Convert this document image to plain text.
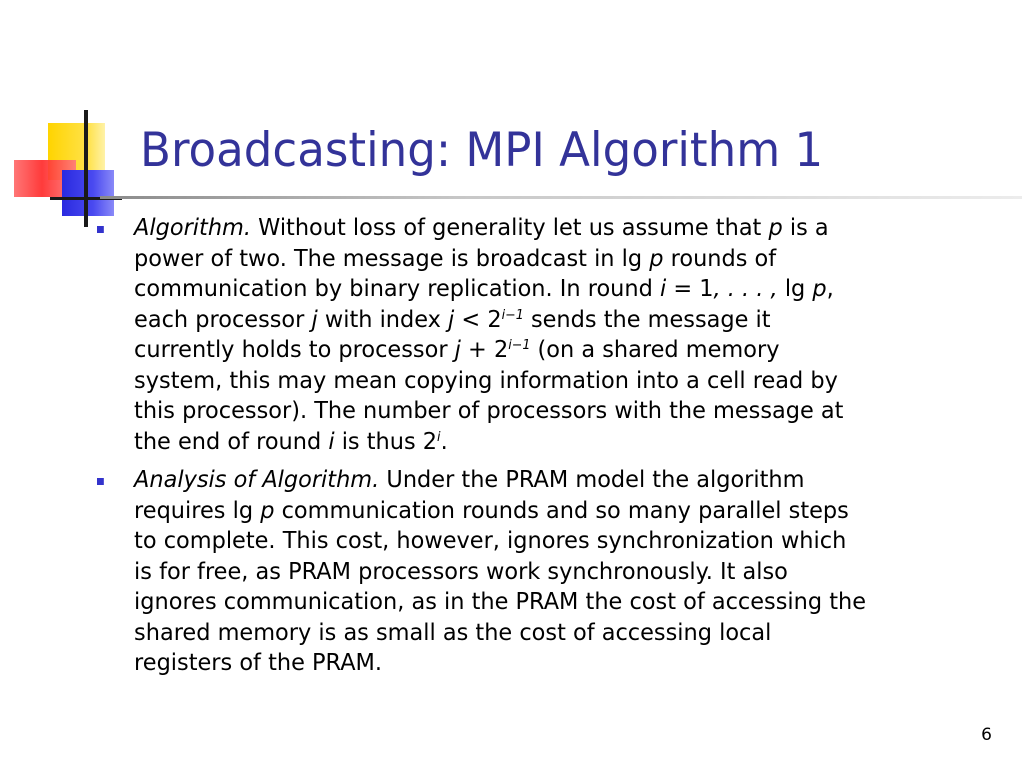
Broadcasting: MPI Algorithm 1
Algorithm. Without loss of generality let us assume that p is a
power of two. The message is broadcast in lg p rounds of
communication by binary replication. In round i = 1, . . . , lg p,
each processor j with index $j < 2^{i-1}$ sends the message it
currently holds to processor $j + 2^{i-1}$ (on a shared memory
system, this may mean copying information into a cell read by
this processor). The number of processors with the message at
the end of round i is thus 2$^i$.
Analysis of Algorithm. Under the PRAM model the algorithm
requires lg p communication rounds and so many parallel steps
to complete. This cost, however, ignores synchronization which
is for free, as PRAM processors work synchronously. It also
ignores communication, as in the PRAM the cost of accessing the
shared memory is as small as the cost of accessing local
registers of the PRAM.
6
